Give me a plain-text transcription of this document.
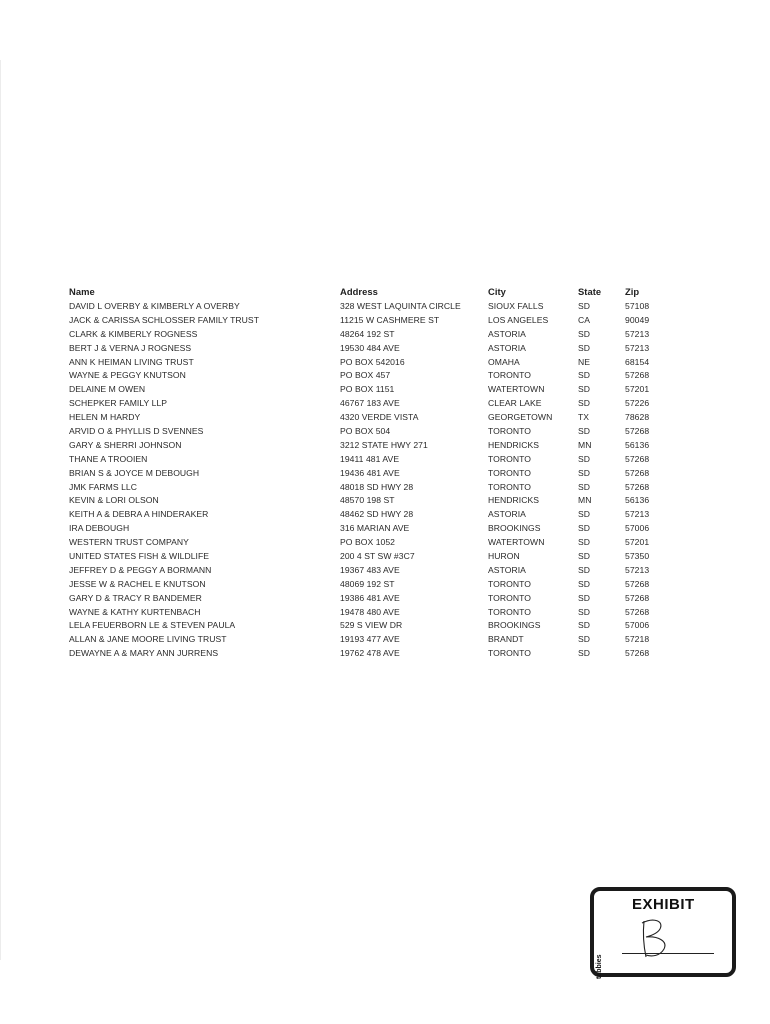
Name	Address	City	State	Zip
DAVID L OVERBY & KIMBERLY A OVERBY	328 WEST LAQUINTA CIRCLE	SIOUX FALLS	SD	57108
JACK & CARISSA SCHLOSSER FAMILY TRUST	11215 W CASHMERE ST	LOS ANGELES	CA	90049
CLARK & KIMBERLY ROGNESS	48264 192 ST	ASTORIA	SD	57213
BERT J & VERNA J ROGNESS	19530 484 AVE	ASTORIA	SD	57213
ANN K HEIMAN LIVING TRUST	PO BOX 542016	OMAHA	NE	68154
WAYNE & PEGGY KNUTSON	PO BOX 457	TORONTO	SD	57268
DELAINE M OWEN	PO BOX 1151	WATERTOWN	SD	57201
SCHEPKER FAMILY LLP	46767 183 AVE	CLEAR LAKE	SD	57226
HELEN M HARDY	4320 VERDE VISTA	GEORGETOWN	TX	78628
ARVID O & PHYLLIS D SVENNES	PO BOX 504	TORONTO	SD	57268
GARY & SHERRI JOHNSON	3212 STATE HWY 271	HENDRICKS	MN	56136
THANE A TROOIEN	19411 481 AVE	TORONTO	SD	57268
BRIAN S & JOYCE M DEBOUGH	19436 481 AVE	TORONTO	SD	57268
JMK FARMS LLC	48018 SD HWY 28	TORONTO	SD	57268
KEVIN & LORI OLSON	48570 198 ST	HENDRICKS	MN	56136
KEITH A & DEBRA A HINDERAKER	48462 SD HWY 28	ASTORIA	SD	57213
IRA DEBOUGH	316 MARIAN AVE	BROOKINGS	SD	57006
WESTERN TRUST COMPANY	PO BOX 1052	WATERTOWN	SD	57201
UNITED STATES FISH & WILDLIFE	200 4 ST SW #3C7	HURON	SD	57350
JEFFREY D & PEGGY A BORMANN	19367 483 AVE	ASTORIA	SD	57213
JESSE W & RACHEL E KNUTSON	48069 192 ST	TORONTO	SD	57268
GARY D & TRACY R BANDEMER	19386 481 AVE	TORONTO	SD	57268
WAYNE & KATHY KURTENBACH	19478 480 AVE	TORONTO	SD	57268
LELA FEUERBORN LE & STEVEN PAULA	529 S VIEW DR	BROOKINGS	SD	57006
ALLAN & JANE MOORE LIVING TRUST	19193 477 AVE	BRANDT	SD	57218
DEWAYNE A & MARY ANN JURRENS	19762 478 AVE	TORONTO	SD	57268
EXHIBIT
tabbies
